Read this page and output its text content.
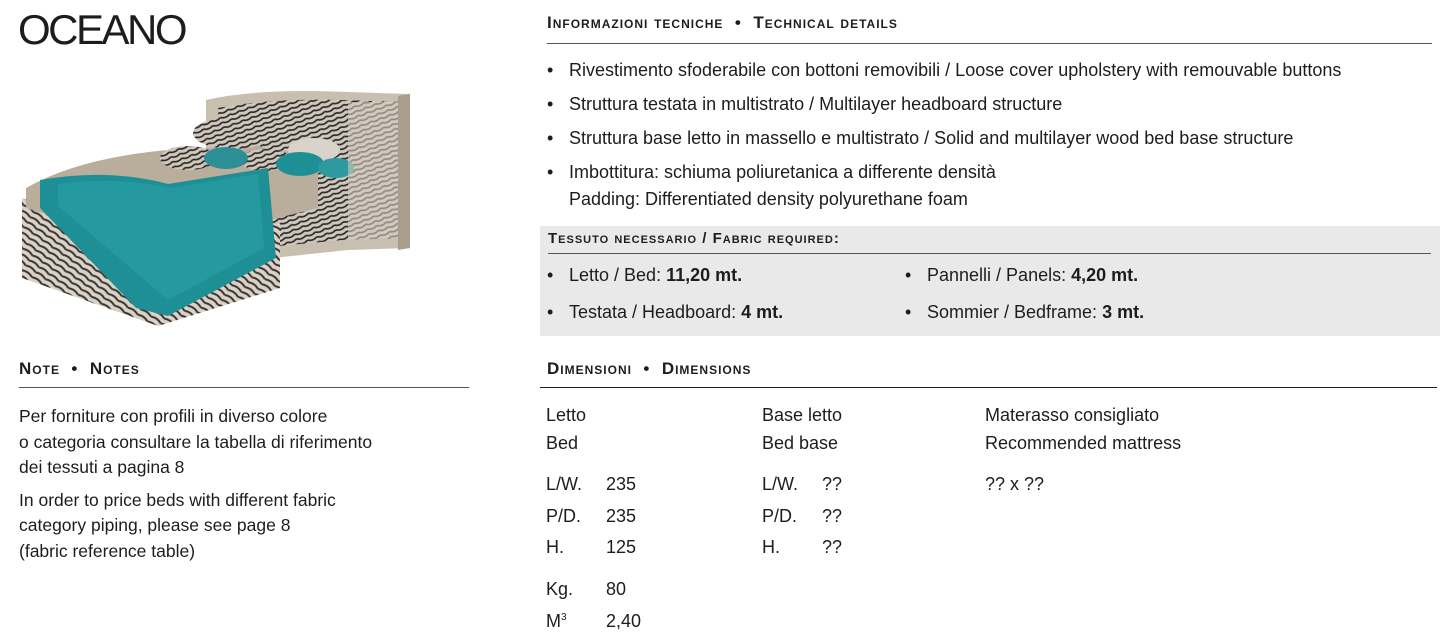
OCEANO
Note • Notes

Per forniture con profili in diverso colore
o categoria consultare la tabella di riferimento
dei tessuti a pagina 8

In order to price beds with different fabric
category piping, please see page 8
(fabric reference table)

Informazioni tecniche • Technical details
• Rivestimento sfoderabile con bottoni removibili / Loose cover upholstery with remouvable buttons
• Struttura testata in multistrato / Multilayer headboard structure
• Struttura base letto in massello e multistrato / Solid and multilayer wood bed base structure
• Imbottitura: schiuma poliuretanica a differente densità
Padding: Differentiated density polyurethane foam
Tessuto necessario / Fabric required:
• Letto / Bed: 11,20 mt.	• Pannelli / Panels: 4,20 mt.
• Testata / Headboard: 4 mt.	• Sommier / Bedframe: 3 mt.
Dimensioni • Dimensions
Letto
Bed
L/W. 235
P/D. 235
H. 125
Kg. 80
$M^3$ 2,40
Base letto
Bed base
L/W. ??
P/D. ??
H. ??
Materasso consigliato
Recommended mattress
?? x ??
